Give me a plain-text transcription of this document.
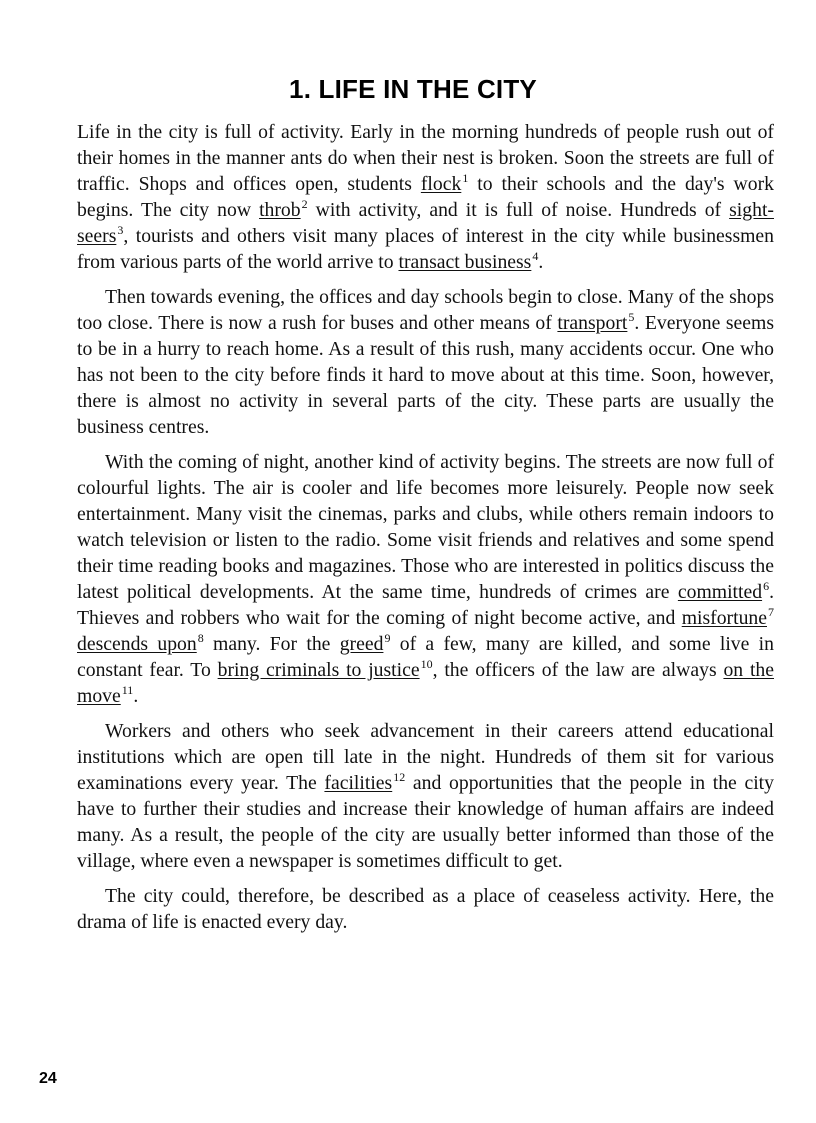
1. LIFE IN THE CITY

Life in the city is full of activity. Early in the morning hundreds of people rush out of their homes in the manner ants do when their nest is broken. Soon the streets are full of traffic. Shops and offices open, students flock$^1$ to their schools and the day's work begins. The city now throb$^2$ with activity, and it is full of noise. Hundreds of sight-seers$^3$, tourists and others visit many places of interest in the city while businessmen from various parts of the world arrive to transact business$^4$.

Then towards evening, the offices and day schools begin to close. Many of the shops too close. There is now a rush for buses and other means of transport$^5$. Everyone seems to be in a hurry to reach home. As a result of this rush, many accidents occur. One who has not been to the city before finds it hard to move about at this time. Soon, however, there is almost no activity in several parts of the city. These parts are usually the business centres.

With the coming of night, another kind of activity begins. The streets are now full of colourful lights. The air is cooler and life becomes more leisurely. People now seek entertainment. Many visit the cinemas, parks and clubs, while others remain indoors to watch television or listen to the radio. Some visit friends and relatives and some spend their time reading books and magazines. Those who are interested in politics discuss the latest political developments. At the same time, hundreds of crimes are committed$^6$. Thieves and robbers who wait for the coming of night become active, and misfortune$^7$ descends upon$^8$ many. For the greed$^9$ of a few, many are killed, and some live in constant fear. To bring criminals to justice$^{10}$, the officers of the law are always on the move$^{11}$.

Workers and others who seek advancement in their careers attend educational institutions which are open till late in the night. Hundreds of them sit for various examinations every year. The facilities$^{12}$ and opportunities that the people in the city have to further their studies and increase their knowledge of human affairs are indeed many. As a result, the people of the city are usually better informed than those of the village, where even a newspaper is sometimes difficult to get.

The city could, therefore, be described as a place of ceaseless activity. Here, the drama of life is enacted every day.

24
